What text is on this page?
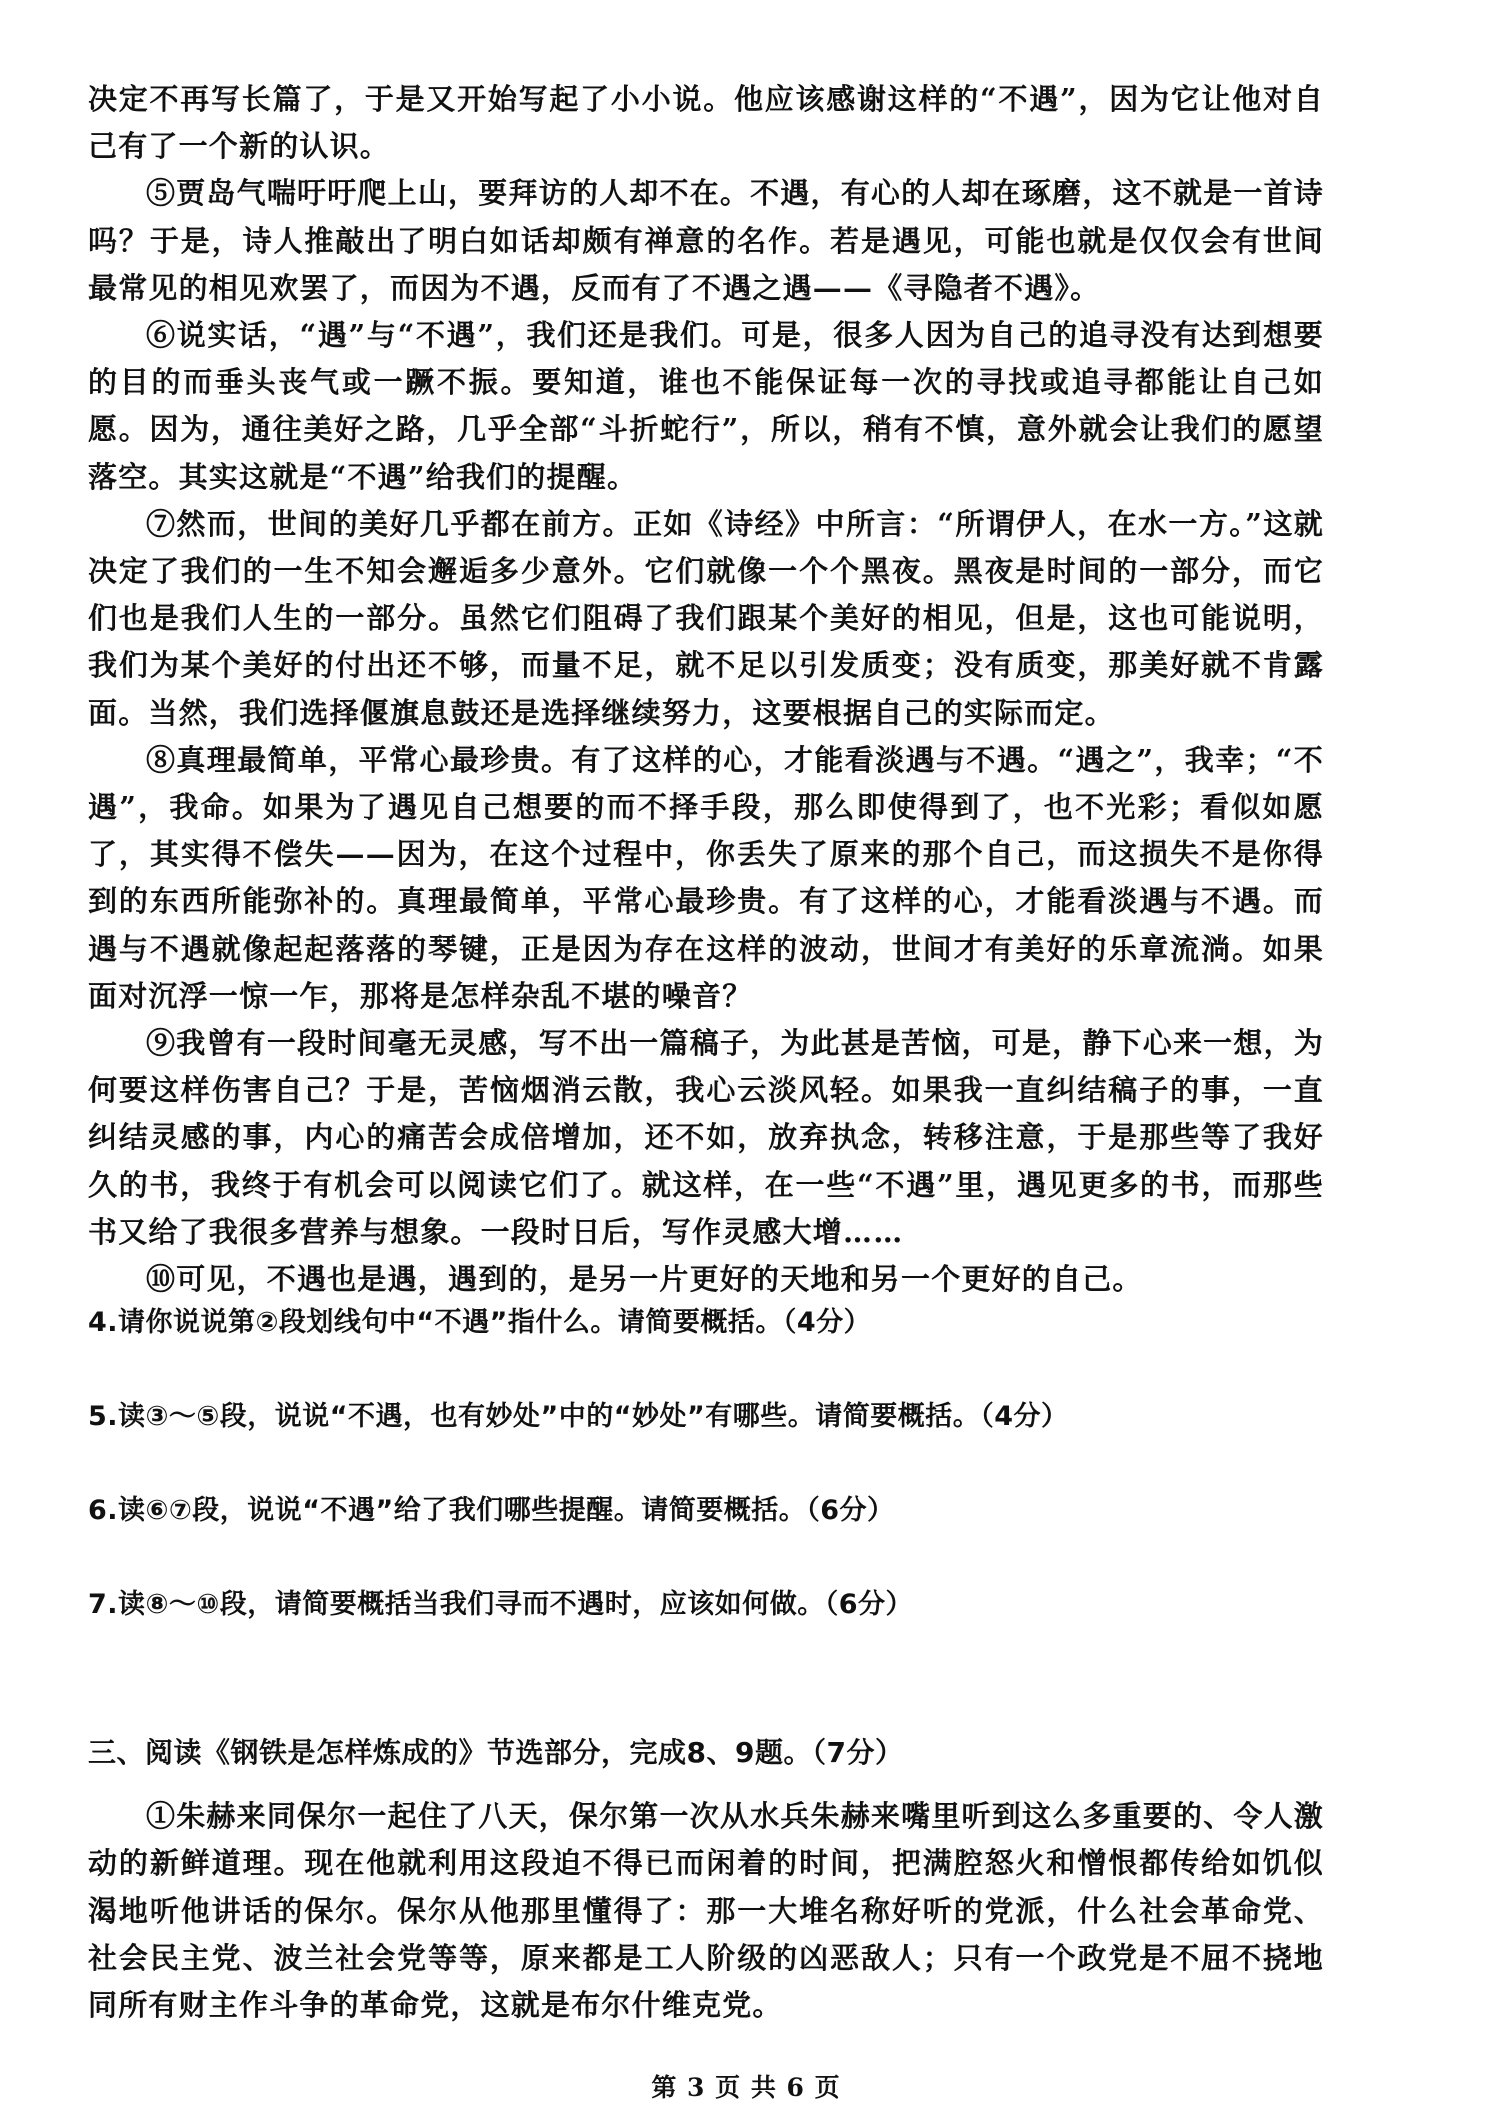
决定不再写长篇了，于是又开始写起了小小说。他应该感谢这样的“不遇”，因为它让他对自己有了一个新的认识。

⑤贾岛气喘吁吁爬上山，要拜访的人却不在。不遇，有心的人却在琢磨，这不就是一首诗吗？于是，诗人推敲出了明白如话却颇有禅意的名作。若是遇见，可能也就是仅仅会有世间最常见的相见欢罢了，而因为不遇，反而有了不遇之遇——《寻隐者不遇》。

⑥说实话，“遇”与“不遇”，我们还是我们。可是，很多人因为自己的追寻没有达到想要的目的而垂头丧气或一蹶不振。要知道，谁也不能保证每一次的寻找或追寻都能让自己如愿。因为，通往美好之路，几乎全部“斗折蛇行”，所以，稍有不慎，意外就会让我们的愿望落空。其实这就是“不遇”给我们的提醒。

⑦然而，世间的美好几乎都在前方。正如《诗经》中所言：“所谓伊人，在水一方。”这就决定了我们的一生不知会邂逅多少意外。它们就像一个个黑夜。黑夜是时间的一部分，而它们也是我们人生的一部分。虽然它们阻碍了我们跟某个美好的相见，但是，这也可能说明，我们为某个美好的付出还不够，而量不足，就不足以引发质变；没有质变，那美好就不肯露面。当然，我们选择偃旗息鼓还是选择继续努力，这要根据自己的实际而定。

⑧真理最简单，平常心最珍贵。有了这样的心，才能看淡遇与不遇。“遇之”，我幸；“不遇”，我命。如果为了遇见自己想要的而不择手段，那么即使得到了，也不光彩；看似如愿了，其实得不偿失——因为，在这个过程中，你丢失了原来的那个自己，而这损失不是你得到的东西所能弥补的。真理最简单，平常心最珍贵。有了这样的心，才能看淡遇与不遇。而遇与不遇就像起起落落的琴键，正是因为存在这样的波动，世间才有美好的乐章流淌。如果面对沉浮一惊一乍，那将是怎样杂乱不堪的噪音？

⑨我曾有一段时间毫无灵感，写不出一篇稿子，为此甚是苦恼，可是，静下心来一想，为何要这样伤害自己？于是，苦恼烟消云散，我心云淡风轻。如果我一直纠结稿子的事，一直纠结灵感的事，内心的痛苦会成倍增加，还不如，放弃执念，转移注意，于是那些等了我好久的书，我终于有机会可以阅读它们了。就这样，在一些“不遇”里，遇见更多的书，而那些书又给了我很多营养与想象。一段时日后，写作灵感大增……

⑩可见，不遇也是遇，遇到的，是另一片更好的天地和另一个更好的自己。

4.请你说说第②段划线句中“不遇”指什么。请简要概括。（4分）

5.读③～⑤段，说说“不遇，也有妙处”中的“妙处”有哪些。请简要概括。（4分）

6.读⑥⑦段，说说“不遇”给了我们哪些提醒。请简要概括。（6分）

7.读⑧～⑩段，请简要概括当我们寻而不遇时，应该如何做。（6分）

三、阅读《钢铁是怎样炼成的》节选部分，完成8、9题。（7分）

①朱赫来同保尔一起住了八天，保尔第一次从水兵朱赫来嘴里听到这么多重要的、令人激动的新鲜道理。现在他就利用这段迫不得已而闲着的时间，把满腔怒火和憎恨都传给如饥似渴地听他讲话的保尔。保尔从他那里懂得了：那一大堆名称好听的党派，什么社会革命党、社会民主党、波兰社会党等等，原来都是工人阶级的凶恶敌人；只有一个政党是不屈不挠地同所有财主作斗争的革命党，这就是布尔什维克党。

第 3 页 共 6 页
